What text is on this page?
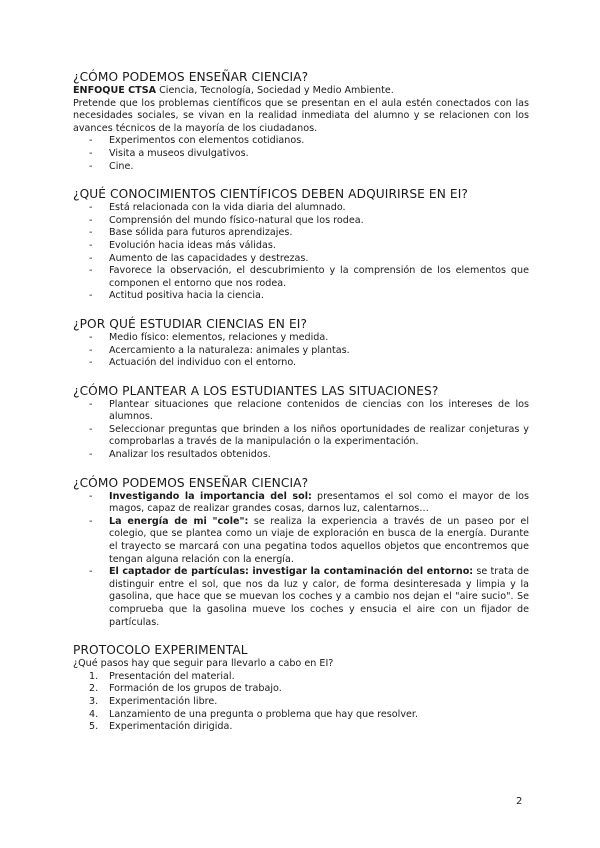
¿CÓMO PODEMOS ENSEÑAR CIENCIA?

ENFOQUE CTSA Ciencia, Tecnología, Sociedad y Medio Ambiente.

Pretende que los problemas científicos que se presentan en el aula estén conectados con las necesidades sociales, se vivan en la realidad inmediata del alumno y se relacionen con los avances técnicos de la mayoría de los ciudadanos.

- Experimentos con elementos cotidianos.
- Visita a museos divulgativos.
- Cine.
¿QUÉ CONOCIMIENTOS CIENTÍFICOS DEBEN ADQUIRIRSE EN EI?
- Está relacionada con la vida diaria del alumnado.
- Comprensión del mundo físico-natural que los rodea.
- Base sólida para futuros aprendizajes.
- Evolución hacia ideas más válidas.
- Aumento de las capacidades y destrezas.
- Favorece la observación, el descubrimiento y la comprensión de los elementos que componen el entorno que nos rodea.
- Actitud positiva hacia la ciencia.
¿POR QUÉ ESTUDIAR CIENCIAS EN EI?
- Medio físico: elementos, relaciones y medida.
- Acercamiento a la naturaleza: animales y plantas.
- Actuación del individuo con el entorno.
¿CÓMO PLANTEAR A LOS ESTUDIANTES LAS SITUACIONES?
- Plantear situaciones que relacione contenidos de ciencias con los intereses de los alumnos.
- Seleccionar preguntas que brinden a los niños oportunidades de realizar conjeturas y comprobarlas a través de la manipulación o la experimentación.
- Analizar los resultados obtenidos.
¿CÓMO PODEMOS ENSEÑAR CIENCIA?
- Investigando la importancia del sol: presentamos el sol como el mayor de los magos, capaz de realizar grandes cosas, darnos luz, calentarnos…
- La energía de mi "cole": se realiza la experiencia a través de un paseo por el colegio, que se plantea como un viaje de exploración en busca de la energía. Durante el trayecto se marcará con una pegatina todos aquellos objetos que encontremos que tengan alguna relación con la energía.
- El captador de partículas: investigar la contaminación del entorno: se trata de distinguir entre el sol, que nos da luz y calor, de forma desinteresada y limpia y la gasolina, que hace que se muevan los coches y a cambio nos dejan el "aire sucio". Se comprueba que la gasolina mueve los coches y ensucia el aire con un fijador de partículas.
PROTOCOLO EXPERIMENTAL

¿Qué pasos hay que seguir para llevarlo a cabo en EI?

1. Presentación del material.
2. Formación de los grupos de trabajo.
3. Experimentación libre.
4. Lanzamiento de una pregunta o problema que hay que resolver.
5. Experimentación dirigida.
2
